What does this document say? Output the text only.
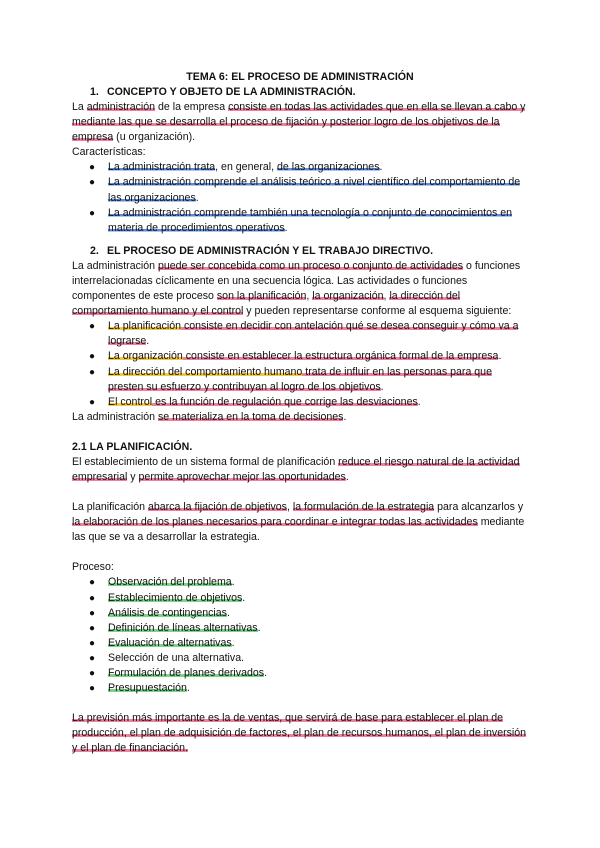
TEMA 6: EL PROCESO DE ADMINISTRACIÓN
1. CONCEPTO Y OBJETO DE LA ADMINISTRACIÓN.

La administración de la empresa consiste en todas las actividades que en ella se llevan a cabo y mediante las que se desarrolla el proceso de fijación y posterior logro de los objetivos de la empresa (u organización).

Características:

● La administración trata, en general, de las organizaciones.
● La administración comprende el análisis teórico a nivel científico del comportamiento de las organizaciones.
● La administración comprende también una tecnología o conjunto de conocimientos en materia de procedimientos operativos.
2. EL PROCESO DE ADMINISTRACIÓN Y EL TRABAJO DIRECTIVO.

La administración puede ser concebida como un proceso o conjunto de actividades o funciones interrelacionadas cíclicamente en una secuencia lógica. Las actividades o funciones componentes de este proceso son la planificación, la organización, la dirección del comportamiento humano y el control y pueden representarse conforme al esquema siguiente:

● La planificación consiste en decidir con antelación qué se desea conseguir y cómo va a lograrse.
● La organización consiste en establecer la estructura orgánica formal de la empresa.
● La dirección del comportamiento humano trata de influir en las personas para que presten su esfuerzo y contribuyan al logro de los objetivos.
● El control es la función de regulación que corrige las desviaciones.

La administración se materializa en la toma de decisiones.

2.1 LA PLANIFICACIÓN.

El establecimiento de un sistema formal de planificación reduce el riesgo natural de la actividad empresarial y permite aprovechar mejor las oportunidades.

La planificación abarca la fijación de objetivos, la formulación de la estrategia para alcanzarlos y la elaboración de los planes necesarios para coordinar e integrar todas las actividades mediante las que se va a desarrollar la estrategia.

Proceso:

● Observación del problema.
● Establecimiento de objetivos.
● Análisis de contingencias.
● Definición de líneas alternativas.
● Evaluación de alternativas.
● Selección de una alternativa.
● Formulación de planes derivados.
● Presupuestación.

La previsión más importante es la de ventas, que servirá de base para establecer el plan de producción, el plan de adquisición de factores, el plan de recursos humanos, el plan de inversión y el plan de financiación.
